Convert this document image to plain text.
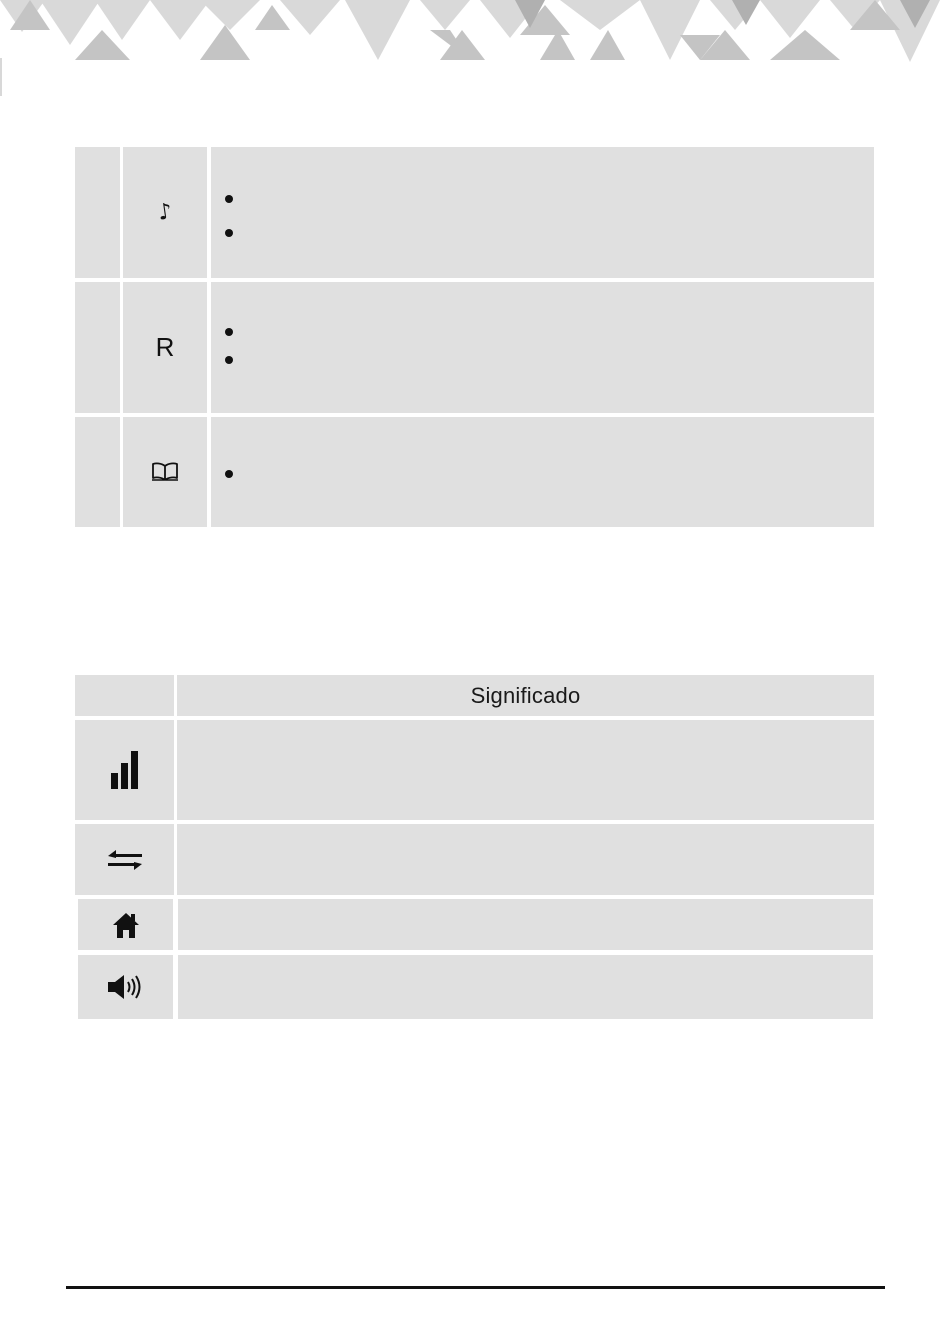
♪
R
Significado
